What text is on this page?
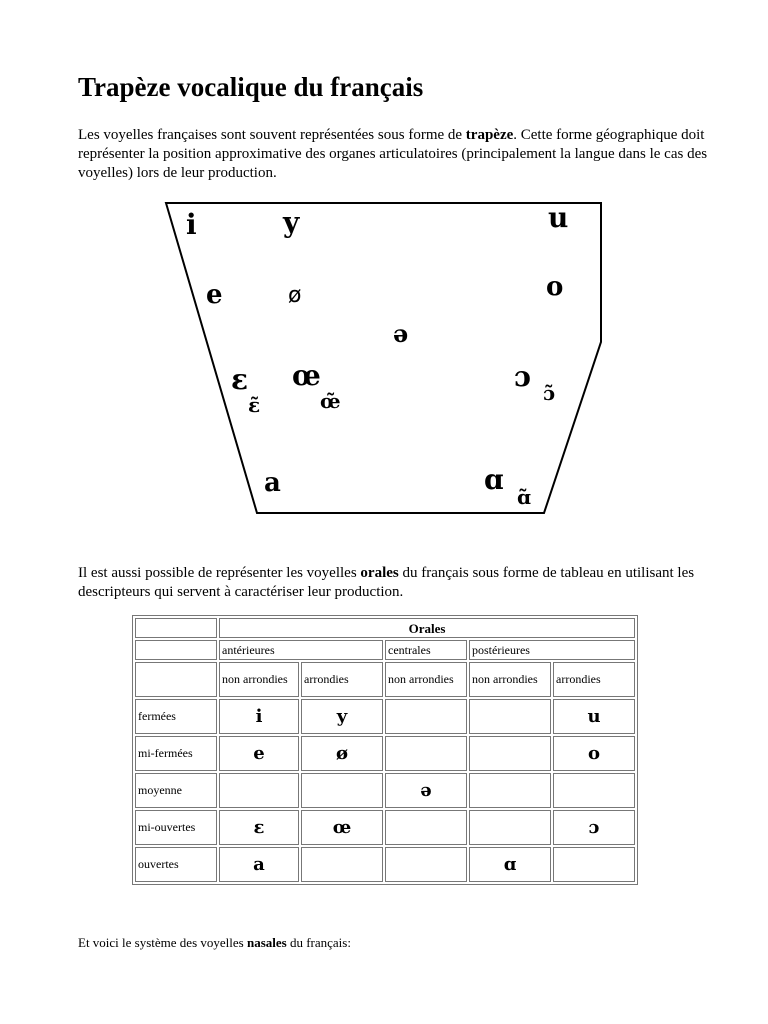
Trapèze vocalique du français

Les voyelles françaises sont souvent représentées sous forme de trapèze. Cette forme géographique doit représenter la position approximative des organes articulatoires (principalement la langue dans le cas des voyelles) lors de leur production.

i	y	u
e	ø	o
ə
ɛ œ	ɔ
ɛ̃	œ̃	ɔ̃
a	ɑ
ɑ̃

Il est aussi possible de représenter les voyelles orales du français sous forme de tableau en utilisant les descripteurs qui servent à caractériser leur production.

	Orales				
	antérieures		centrales	postérieures	
	non arrondies	arrondies	non arrondies	non arrondies	arrondies
fermées	i	y			u
mi-fermées	e	ø			o
moyenne			ə		
mi-ouvertes	ɛ	œ			ɔ
ouvertes	a			ɑ	

Et voici le système des voyelles nasales du français:
